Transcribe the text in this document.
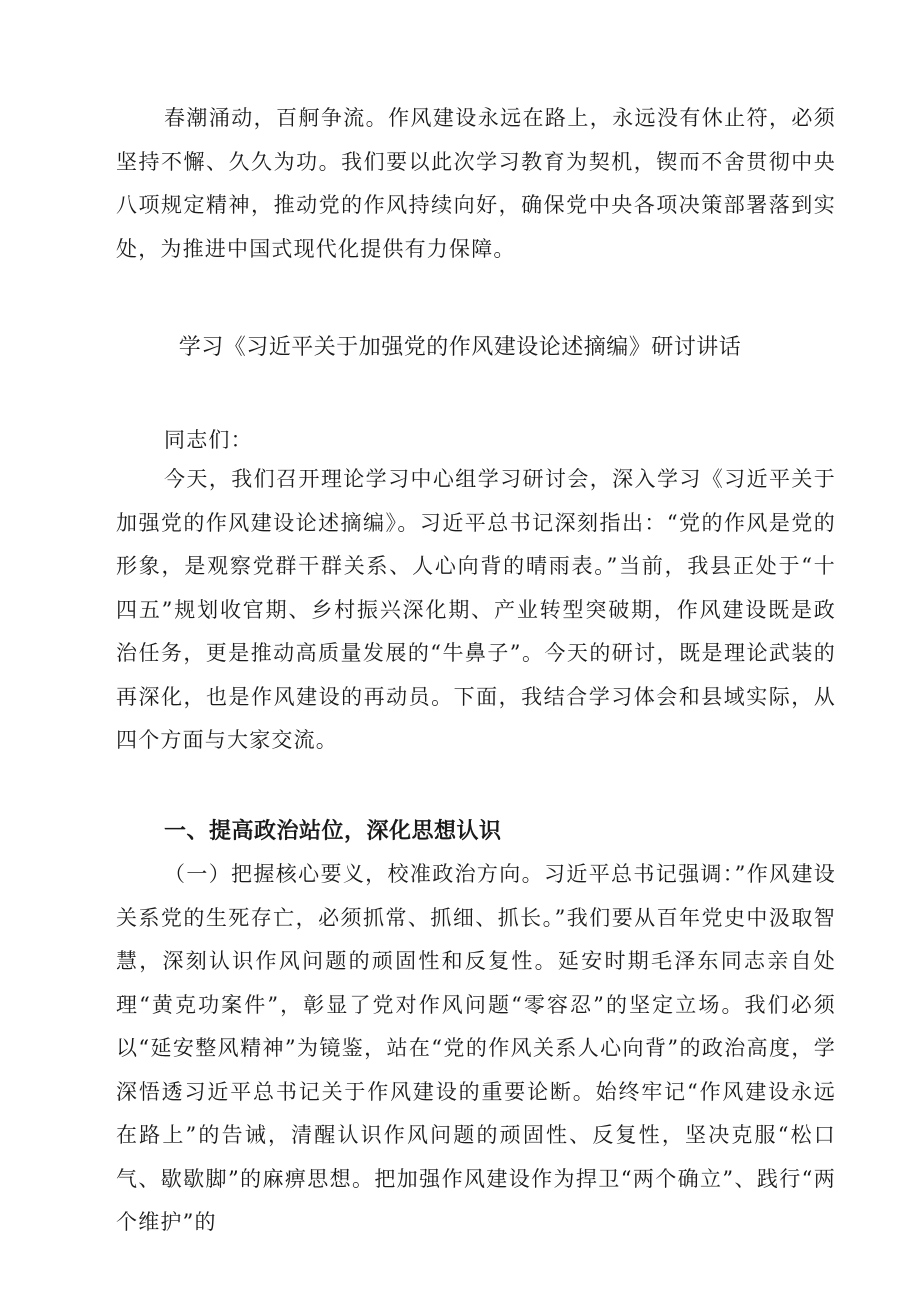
春潮涌动，百舸争流。作风建设永远在路上，永远没有休止符，必须坚持不懈、久久为功。我们要以此次学习教育为契机，锲而不舍贯彻中央八项规定精神，推动党的作风持续向好，确保党中央各项决策部署落到实处，为推进中国式现代化提供有力保障。

学习《习近平关于加强党的作风建设论述摘编》研讨讲话

同志们：

今天，我们召开理论学习中心组学习研讨会，深入学习《习近平关于加强党的作风建设论述摘编》。习近平总书记深刻指出：“党的作风是党的形象，是观察党群干群关系、人心向背的晴雨表。”当前，我县正处于“十四五”规划收官期、乡村振兴深化期、产业转型突破期，作风建设既是政治任务，更是推动高质量发展的“牛鼻子”。今天的研讨，既是理论武装的再深化，也是作风建设的再动员。下面，我结合学习体会和县域实际，从四个方面与大家交流。

一、提高政治站位，深化思想认识

（一）把握核心要义，校准政治方向。习近平总书记强调：”作风建设关系党的生死存亡，必须抓常、抓细、抓长。”我们要从百年党史中汲取智慧，深刻认识作风问题的顽固性和反复性。延安时期毛泽东同志亲自处理“黄克功案件”，彰显了党对作风问题“零容忍”的坚定立场。我们必须以“延安整风精神”为镜鉴，站在“党的作风关系人心向背”的政治高度，学深悟透习近平总书记关于作风建设的重要论断。始终牢记“作风建设永远在路上”的告诫，清醒认识作风问题的顽固性、反复性，坚决克服“松口气、歇歇脚”的麻痹思想。把加强作风建设作为捍卫“两个确立”、践行“两个维护”的
